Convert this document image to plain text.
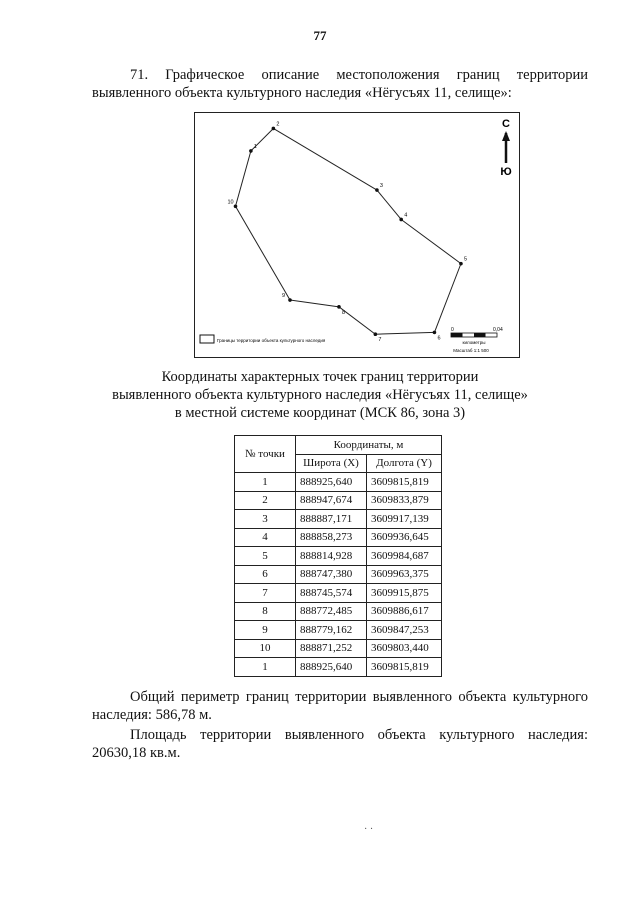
77
71. Графическое описание местоположения границ территории выявленного объекта культурного наследия «Нёгусъях 11, селище»:
1
2
3
4
5
6
7
8
9
10
С
Ю
Границы территории объекта культурного наследия
0	0,04
километры
Масштаб 1:1 500
Координаты характерных точек границ территории
выявленного объекта культурного наследия «Нёгусъях 11, селище»
в местной системе координат (МСК 86, зона 3)
№ точки	Координаты, м	
	Широта (X)	Долгота (Y)
1	888925,640	3609815,819
2	888947,674	3609833,879
3	888887,171	3609917,139
4	888858,273	3609936,645
5	888814,928	3609984,687
6	888747,380	3609963,375
7	888745,574	3609915,875
8	888772,485	3609886,617
9	888779,162	3609847,253
10	888871,252	3609803,440
1	888925,640	3609815,819
Общий периметр границ территории выявленного объекта культурного наследия: 586,78 м.
Площадь территории выявленного объекта культурного наследия: 20630,18 кв.м.
· ·
